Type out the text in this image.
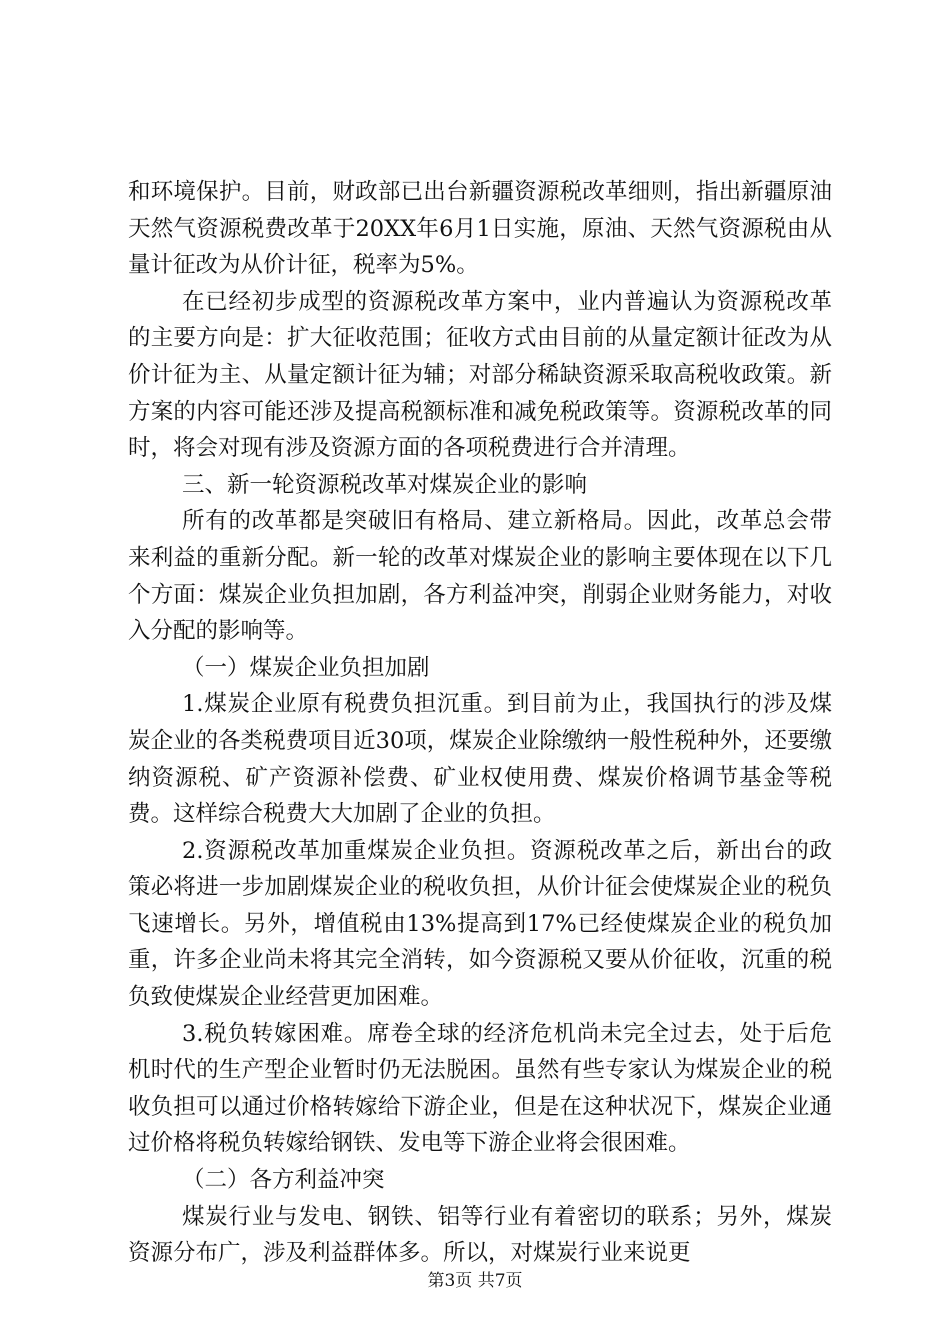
和环境保护。目前，财政部已出台新疆资源税改革细则，指出新疆原油天然气资源税费改革于20XX年6月1日实施，原油、天然气资源税由从量计征改为从价计征，税率为5%。

在已经初步成型的资源税改革方案中，业内普遍认为资源税改革的主要方向是：扩大征收范围；征收方式由目前的从量定额计征改为从价计征为主、从量定额计征为辅；对部分稀缺资源采取高税收政策。新方案的内容可能还涉及提高税额标准和减免税政策等。资源税改革的同时，将会对现有涉及资源方面的各项税费进行合并清理。

三、新一轮资源税改革对煤炭企业的影响

所有的改革都是突破旧有格局、建立新格局。因此，改革总会带来利益的重新分配。新一轮的改革对煤炭企业的影响主要体现在以下几个方面：煤炭企业负担加剧，各方利益冲突，削弱企业财务能力，对收入分配的影响等。

（一）煤炭企业负担加剧

1.煤炭企业原有税费负担沉重。到目前为止，我国执行的涉及煤炭企业的各类税费项目近30项，煤炭企业除缴纳一般性税种外，还要缴纳资源税、矿产资源补偿费、矿业权使用费、煤炭价格调节基金等税费。这样综合税费大大加剧了企业的负担。

2.资源税改革加重煤炭企业负担。资源税改革之后，新出台的政策必将进一步加剧煤炭企业的税收负担，从价计征会使煤炭企业的税负飞速增长。另外，增值税由13%提高到17%已经使煤炭企业的税负加重，许多企业尚未将其完全消转，如今资源税又要从价征收，沉重的税负致使煤炭企业经营更加困难。

3.税负转嫁困难。席卷全球的经济危机尚未完全过去，处于后危机时代的生产型企业暂时仍无法脱困。虽然有些专家认为煤炭企业的税收负担可以通过价格转嫁给下游企业，但是在这种状况下，煤炭企业通过价格将税负转嫁给钢铁、发电等下游企业将会很困难。

（二）各方利益冲突

煤炭行业与发电、钢铁、铝等行业有着密切的联系；另外，煤炭资源分布广，涉及利益群体多。所以，对煤炭行业来说更

第3页 共7页
